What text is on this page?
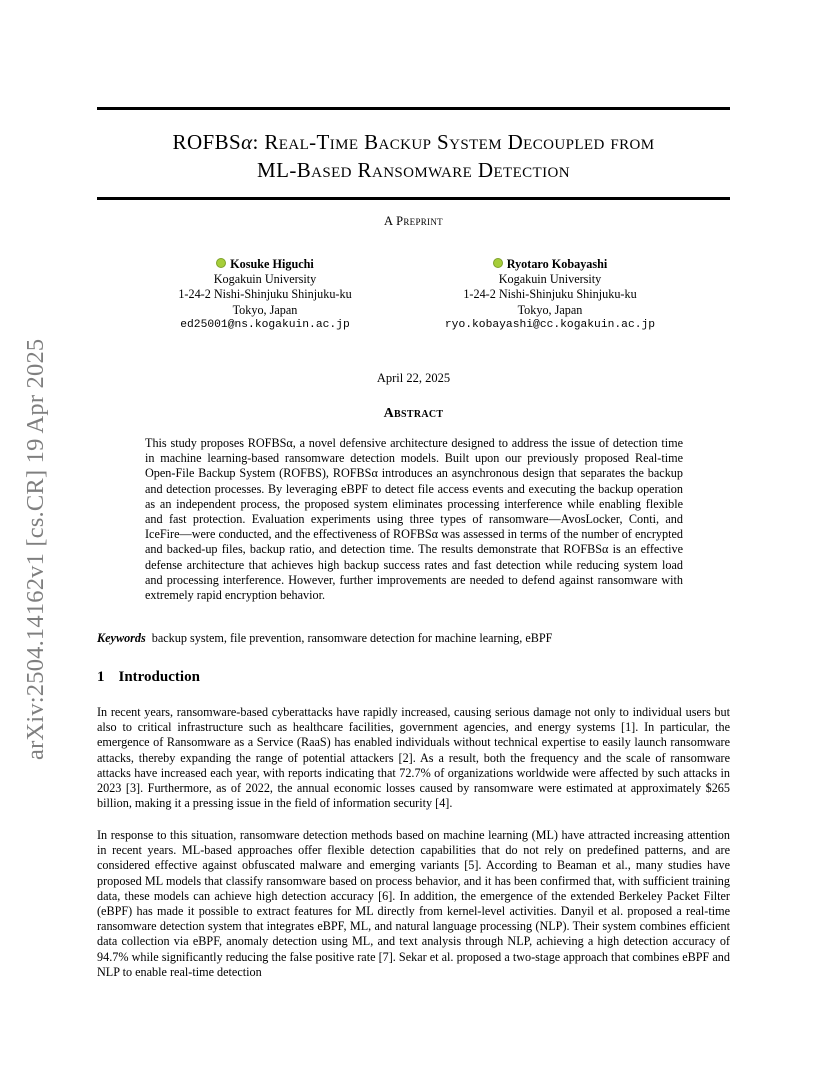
arXiv:2504.14162v1 [cs.CR] 19 Apr 2025
ROFBSα: Real-Time Backup System Decoupled from
ML-Based Ransomware Detection
A Preprint
Kosuke Higuchi
Kogakuin University
1-24-2 Nishi-Shinjuku Shinjuku-ku
Tokyo, Japan
ed25001@ns.kogakuin.ac.jp
Ryotaro Kobayashi
Kogakuin University
1-24-2 Nishi-Shinjuku Shinjuku-ku
Tokyo, Japan
ryo.kobayashi@cc.kogakuin.ac.jp
April 22, 2025
Abstract

This study proposes ROFBSα, a novel defensive architecture designed to address the issue of detection time in machine learning-based ransomware detection models. Built upon our previously proposed Real-time Open-File Backup System (ROFBS), ROFBSα introduces an asynchronous design that separates the backup and detection processes. By leveraging eBPF to detect file access events and executing the backup operation as an independent process, the proposed system eliminates processing interference while enabling flexible and fast protection. Evaluation experiments using three types of ransomware—AvosLocker, Conti, and IceFire—were conducted, and the effectiveness of ROFBSα was assessed in terms of the number of encrypted and backed-up files, backup ratio, and detection time. The results demonstrate that ROFBSα is an effective defense architecture that achieves high backup success rates and fast detection while reducing system load and processing interference. However, further improvements are needed to defend against ransomware with extremely rapid encryption behavior.

Keywords backup system, file prevention, ransomware detection for machine learning, eBPF

1 Introduction

In recent years, ransomware-based cyberattacks have rapidly increased, causing serious damage not only to individual users but also to critical infrastructure such as healthcare facilities, government agencies, and energy systems [1]. In particular, the emergence of Ransomware as a Service (RaaS) has enabled individuals without technical expertise to easily launch ransomware attacks, thereby expanding the range of potential attackers [2]. As a result, both the frequency and the scale of ransomware attacks have increased each year, with reports indicating that 72.7% of organizations worldwide were affected by such attacks in 2023 [3]. Furthermore, as of 2022, the annual economic losses caused by ransomware were estimated at approximately $265 billion, making it a pressing issue in the field of information security [4].

In response to this situation, ransomware detection methods based on machine learning (ML) have attracted increasing attention in recent years. ML-based approaches offer flexible detection capabilities that do not rely on predefined patterns, and are considered effective against obfuscated malware and emerging variants [5]. According to Beaman et al., many studies have proposed ML models that classify ransomware based on process behavior, and it has been confirmed that, with sufficient training data, these models can achieve high detection accuracy [6]. In addition, the emergence of the extended Berkeley Packet Filter (eBPF) has made it possible to extract features for ML directly from kernel-level activities. Danyil et al. proposed a real-time ransomware detection system that integrates eBPF, ML, and natural language processing (NLP). Their system combines efficient data collection via eBPF, anomaly detection using ML, and text analysis through NLP, achieving a high detection accuracy of 94.7% while significantly reducing the false positive rate [7]. Sekar et al. proposed a two-stage approach that combines eBPF and NLP to enable real-time detection
